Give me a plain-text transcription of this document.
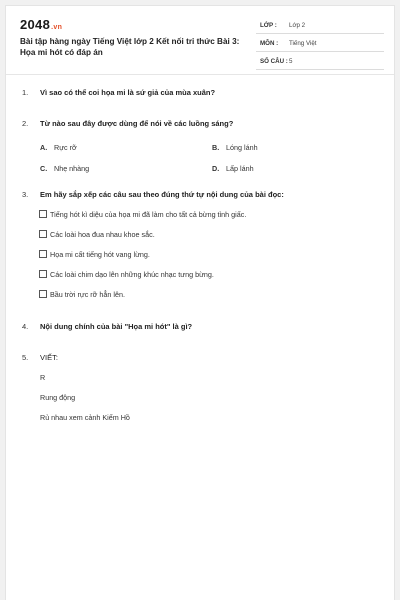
2048.vn
Bài tập hàng ngày Tiếng Việt lớp 2 Kết nối tri thức Bài 3: Họa mi hót có đáp án
LỚP : Lớp 2
MÔN : Tiếng Việt
SỐ CÂU : 5
1. Vì sao có thể coi họa mi là sứ giả của mùa xuân?
2. Từ nào sau đây được dùng để nói về các luồng sáng?
A. Rực rỡ	B. Lóng lánh
C. Nhẹ nhàng	D. Lấp lánh
3. Em hãy sắp xếp các câu sau theo đúng thứ tự nội dung của bài đọc:
Tiếng hót kì diệu của họa mi đã làm cho tất cả bừng tỉnh giấc.
Các loài hoa đua nhau khoe sắc.
Họa mi cất tiếng hót vang lừng.
Các loài chim dạo lên những khúc nhạc tưng bừng.
Bầu trời rực rỡ hẳn lên.
4. Nội dung chính của bài "Họa mi hót" là gì?
5. VIẾT:
R
Rung động
Rủ nhau xem cảnh Kiếm Hồ
